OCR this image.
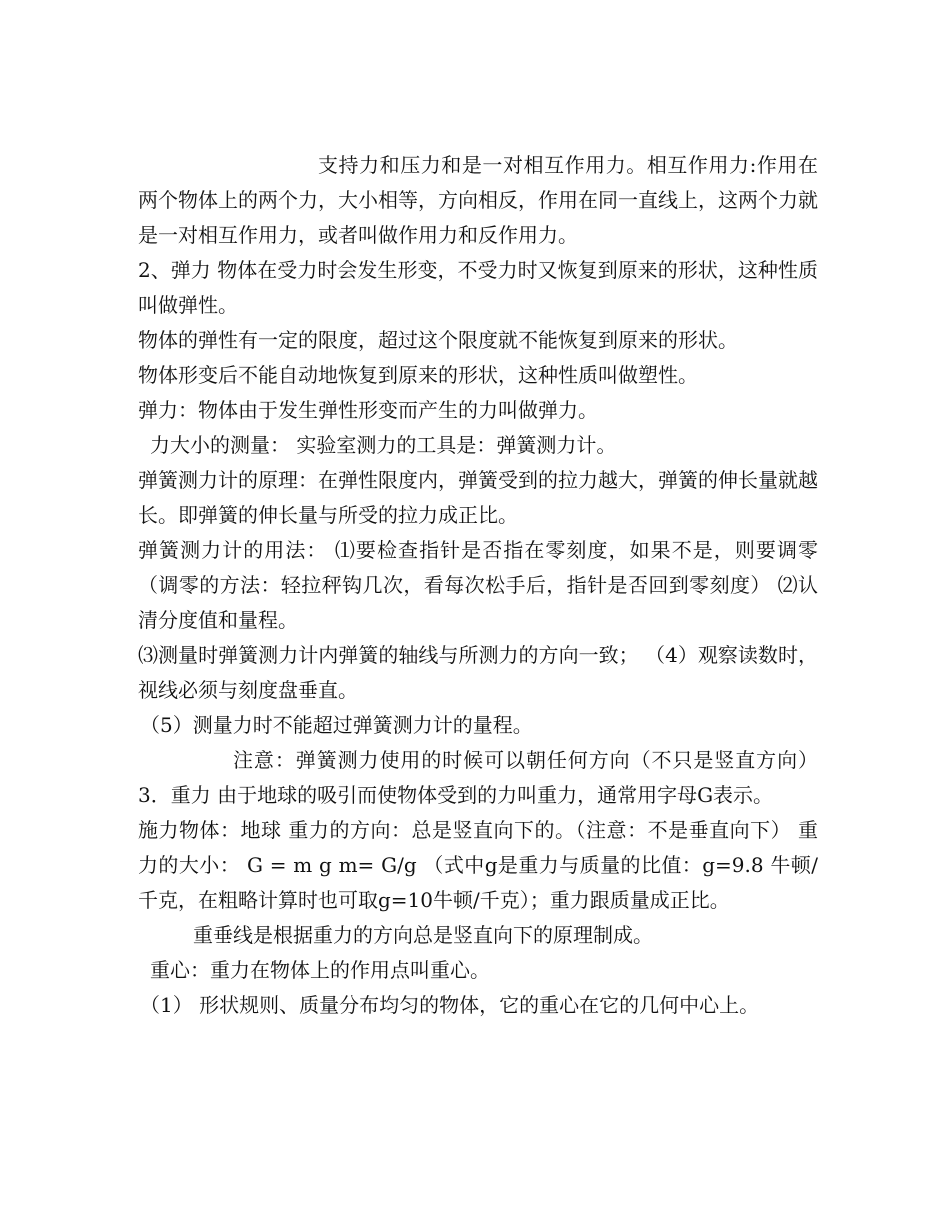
支持力和压力和是一对相互作用力。相互作用力:作用在两个物体上的两个力，大小相等，方向相反，作用在同一直线上，这两个力就是一对相互作用力，或者叫做作用力和反作用力。

2、弹力 物体在受力时会发生形变，不受力时又恢复到原来的形状，这种性质叫做弹性。

物体的弹性有一定的限度，超过这个限度就不能恢复到原来的形状。

物体形变后不能自动地恢复到原来的形状，这种性质叫做塑性。

弹力：物体由于发生弹性形变而产生的力叫做弹力。

力大小的测量： 实验室测力的工具是：弹簧测力计。

弹簧测力计的原理：在弹性限度内，弹簧受到的拉力越大，弹簧的伸长量就越长。即弹簧的伸长量与所受的拉力成正比。

弹簧测力计的用法： ⑴要检查指针是否指在零刻度，如果不是，则要调零（调零的方法：轻拉秤钩几次，看每次松手后，指针是否回到零刻度） ⑵认清分度值和量程。

⑶测量时弹簧测力计内弹簧的轴线与所测力的方向一致； （4）观察读数时，视线必须与刻度盘垂直。

（5）测量力时不能超过弹簧测力计的量程。

注意：弹簧测力使用的时候可以朝任何方向（不只是竖直方向） 3．重力 由于地球的吸引而使物体受到的力叫重力，通常用字母G表示。

施力物体：地球 重力的方向：总是竖直向下的。（注意：不是垂直向下） 重力的大小： G = m g m= G/g （式中g是重力与质量的比值：g=9.8 牛顿/千克，在粗略计算时也可取g=10牛顿/千克）；重力跟质量成正比。

重垂线是根据重力的方向总是竖直向下的原理制成。

重心：重力在物体上的作用点叫重心。

（1） 形状规则、质量分布均匀的物体，它的重心在它的几何中心上。
